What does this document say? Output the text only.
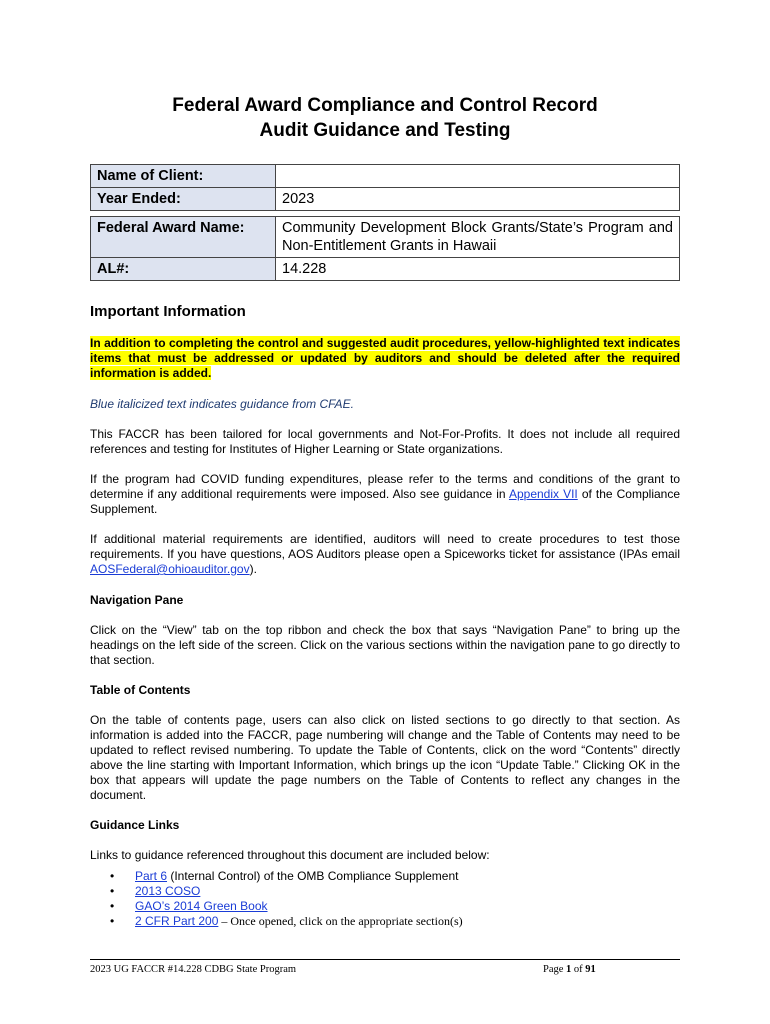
Federal Award Compliance and Control Record
Audit Guidance and Testing
Name of Client:	
Year Ended:	2023
Federal Award Name:	Community Development Block Grants/State’s Program and Non-Entitlement Grants in Hawaii
AL#:	14.228
Important Information
In addition to completing the control and suggested audit procedures, yellow-highlighted text indicates items that must be addressed or updated by auditors and should be deleted after the required information is added.
Blue italicized text indicates guidance from CFAE.
This FACCR has been tailored for local governments and Not-For-Profits. It does not include all required references and testing for Institutes of Higher Learning or State organizations.
If the program had COVID funding expenditures, please refer to the terms and conditions of the grant to determine if any additional requirements were imposed. Also see guidance in Appendix VII of the Compliance Supplement.
If additional material requirements are identified, auditors will need to create procedures to test those requirements. If you have questions, AOS Auditors please open a Spiceworks ticket for assistance (IPAs email AOSFederal@ohioauditor.gov).
Navigation Pane
Click on the “View” tab on the top ribbon and check the box that says “Navigation Pane” to bring up the headings on the left side of the screen. Click on the various sections within the navigation pane to go directly to that section.
Table of Contents
On the table of contents page, users can also click on listed sections to go directly to that section. As information is added into the FACCR, page numbering will change and the Table of Contents may need to be updated to reflect revised numbering. To update the Table of Contents, click on the word “Contents” directly above the line starting with Important Information, which brings up the icon “Update Table.” Clicking OK in the box that appears will update the page numbers on the Table of Contents to reflect any changes in the document.
Guidance Links
Links to guidance referenced throughout this document are included below:
• Part 6 (Internal Control) of the OMB Compliance Supplement
• 2013 COSO
• GAO’s 2014 Green Book
• 2 CFR Part 200 – Once opened, click on the appropriate section(s)
2023 UG FACCR #14.228 CDBG State Program	Page 1 of 91
